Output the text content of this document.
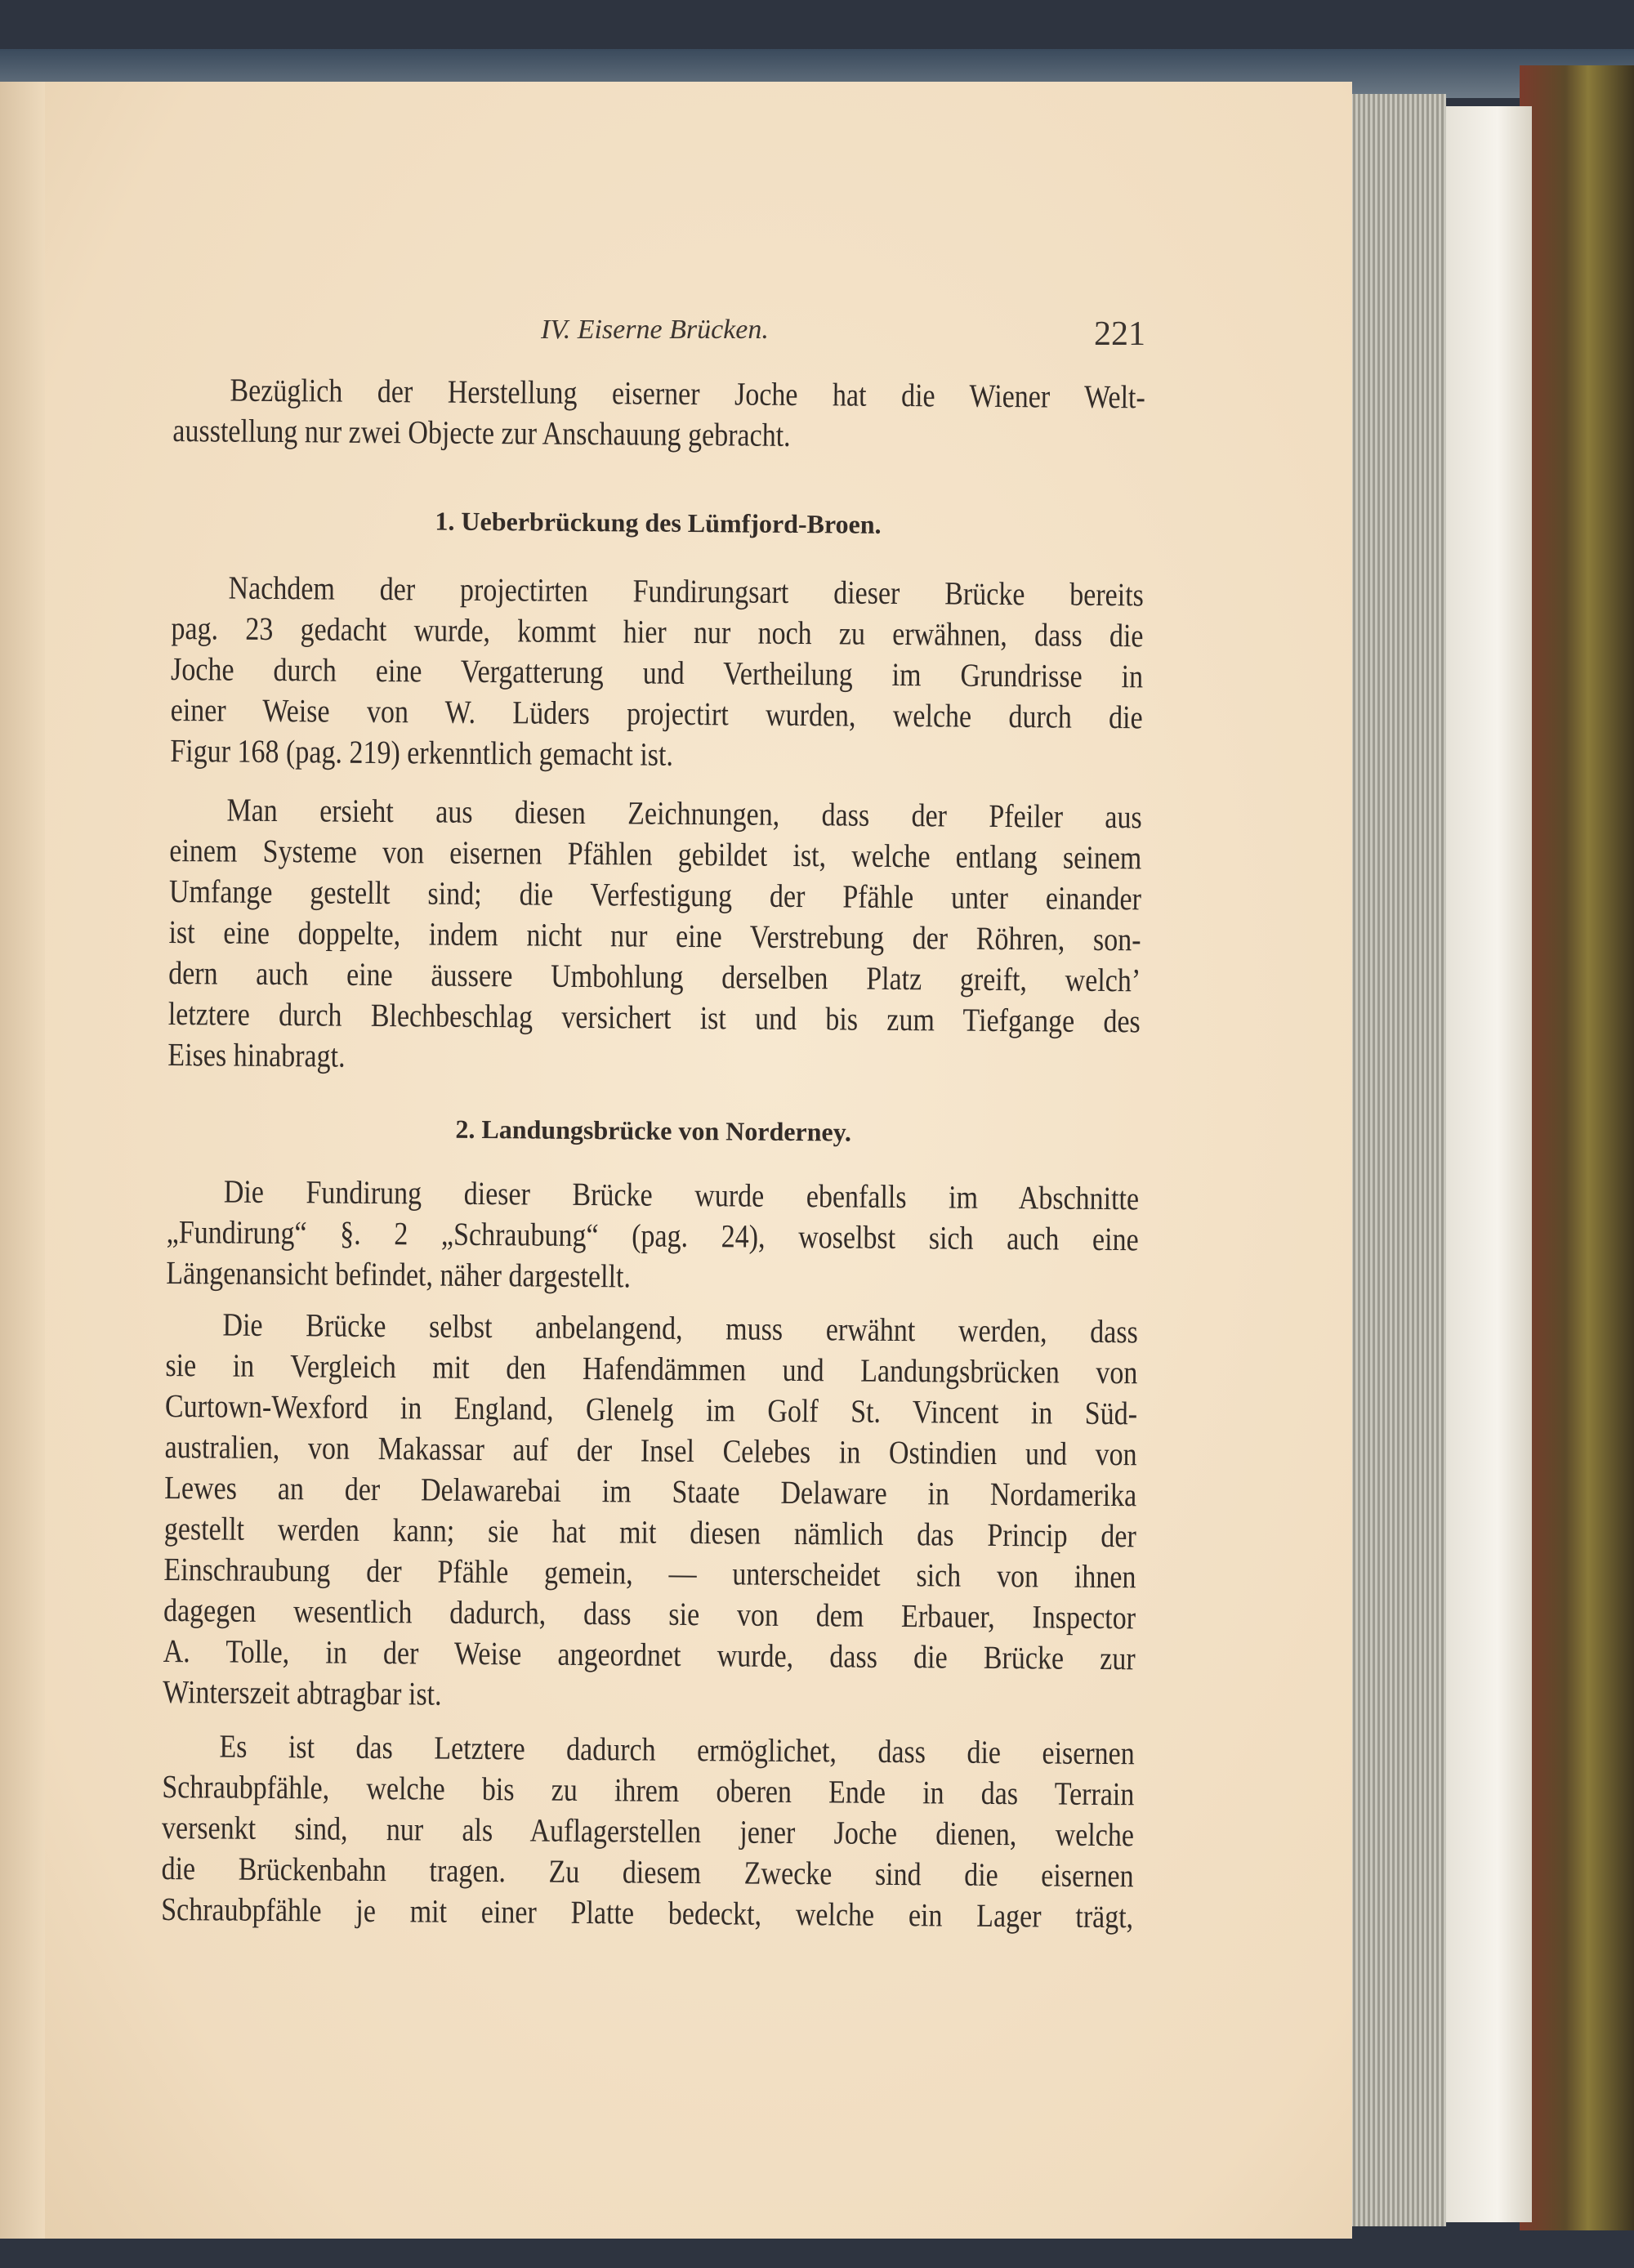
IV. Eiserne Brücken.	221
Bezüglich der Herstellung eiserner Joche hat die Wiener Welt-
ausstellung nur zwei Objecte zur Anschauung gebracht.
1. Ueberbrückung des Lümfjord-Broen.
Nachdem der projectirten Fundirungsart dieser Brücke bereits
pag. 23 gedacht wurde, kommt hier nur noch zu erwähnen, dass die
Joche durch eine Vergatterung und Vertheilung im Grundrisse in
einer Weise von W. Lüders projectirt wurden, welche durch die
Figur 168 (pag. 219) erkenntlich gemacht ist.
Man ersieht aus diesen Zeichnungen, dass der Pfeiler aus
einem Systeme von eisernen Pfählen gebildet ist, welche entlang seinem
Umfange gestellt sind; die Verfestigung der Pfähle unter einander
ist eine doppelte, indem nicht nur eine Verstrebung der Röhren, son-
dern auch eine äussere Umbohlung derselben Platz greift, welch’
letztere durch Blechbeschlag versichert ist und bis zum Tiefgange des
Eises hinabragt.
2. Landungsbrücke von Norderney.
Die Fundirung dieser Brücke wurde ebenfalls im Abschnitte
„Fundirung“ §. 2 „Schraubung“ (pag. 24), woselbst sich auch eine
Längenansicht befindet, näher dargestellt.
Die Brücke selbst anbelangend, muss erwähnt werden, dass
sie in Vergleich mit den Hafendämmen und Landungsbrücken von
Curtown-Wexford in England, Glenelg im Golf St. Vincent in Süd-
australien, von Makassar auf der Insel Celebes in Ostindien und von
Lewes an der Delawarebai im Staate Delaware in Nordamerika
gestellt werden kann; sie hat mit diesen nämlich das Princip der
Einschraubung der Pfähle gemein, — unterscheidet sich von ihnen
dagegen wesentlich dadurch, dass sie von dem Erbauer, Inspector
A. Tolle, in der Weise angeordnet wurde, dass die Brücke zur
Winterszeit abtragbar ist.
Es ist das Letztere dadurch ermöglichet, dass die eisernen
Schraubpfähle, welche bis zu ihrem oberen Ende in das Terrain
versenkt sind, nur als Auflagerstellen jener Joche dienen, welche
die Brückenbahn tragen. Zu diesem Zwecke sind die eisernen
Schraubpfähle je mit einer Platte bedeckt, welche ein Lager trägt,
